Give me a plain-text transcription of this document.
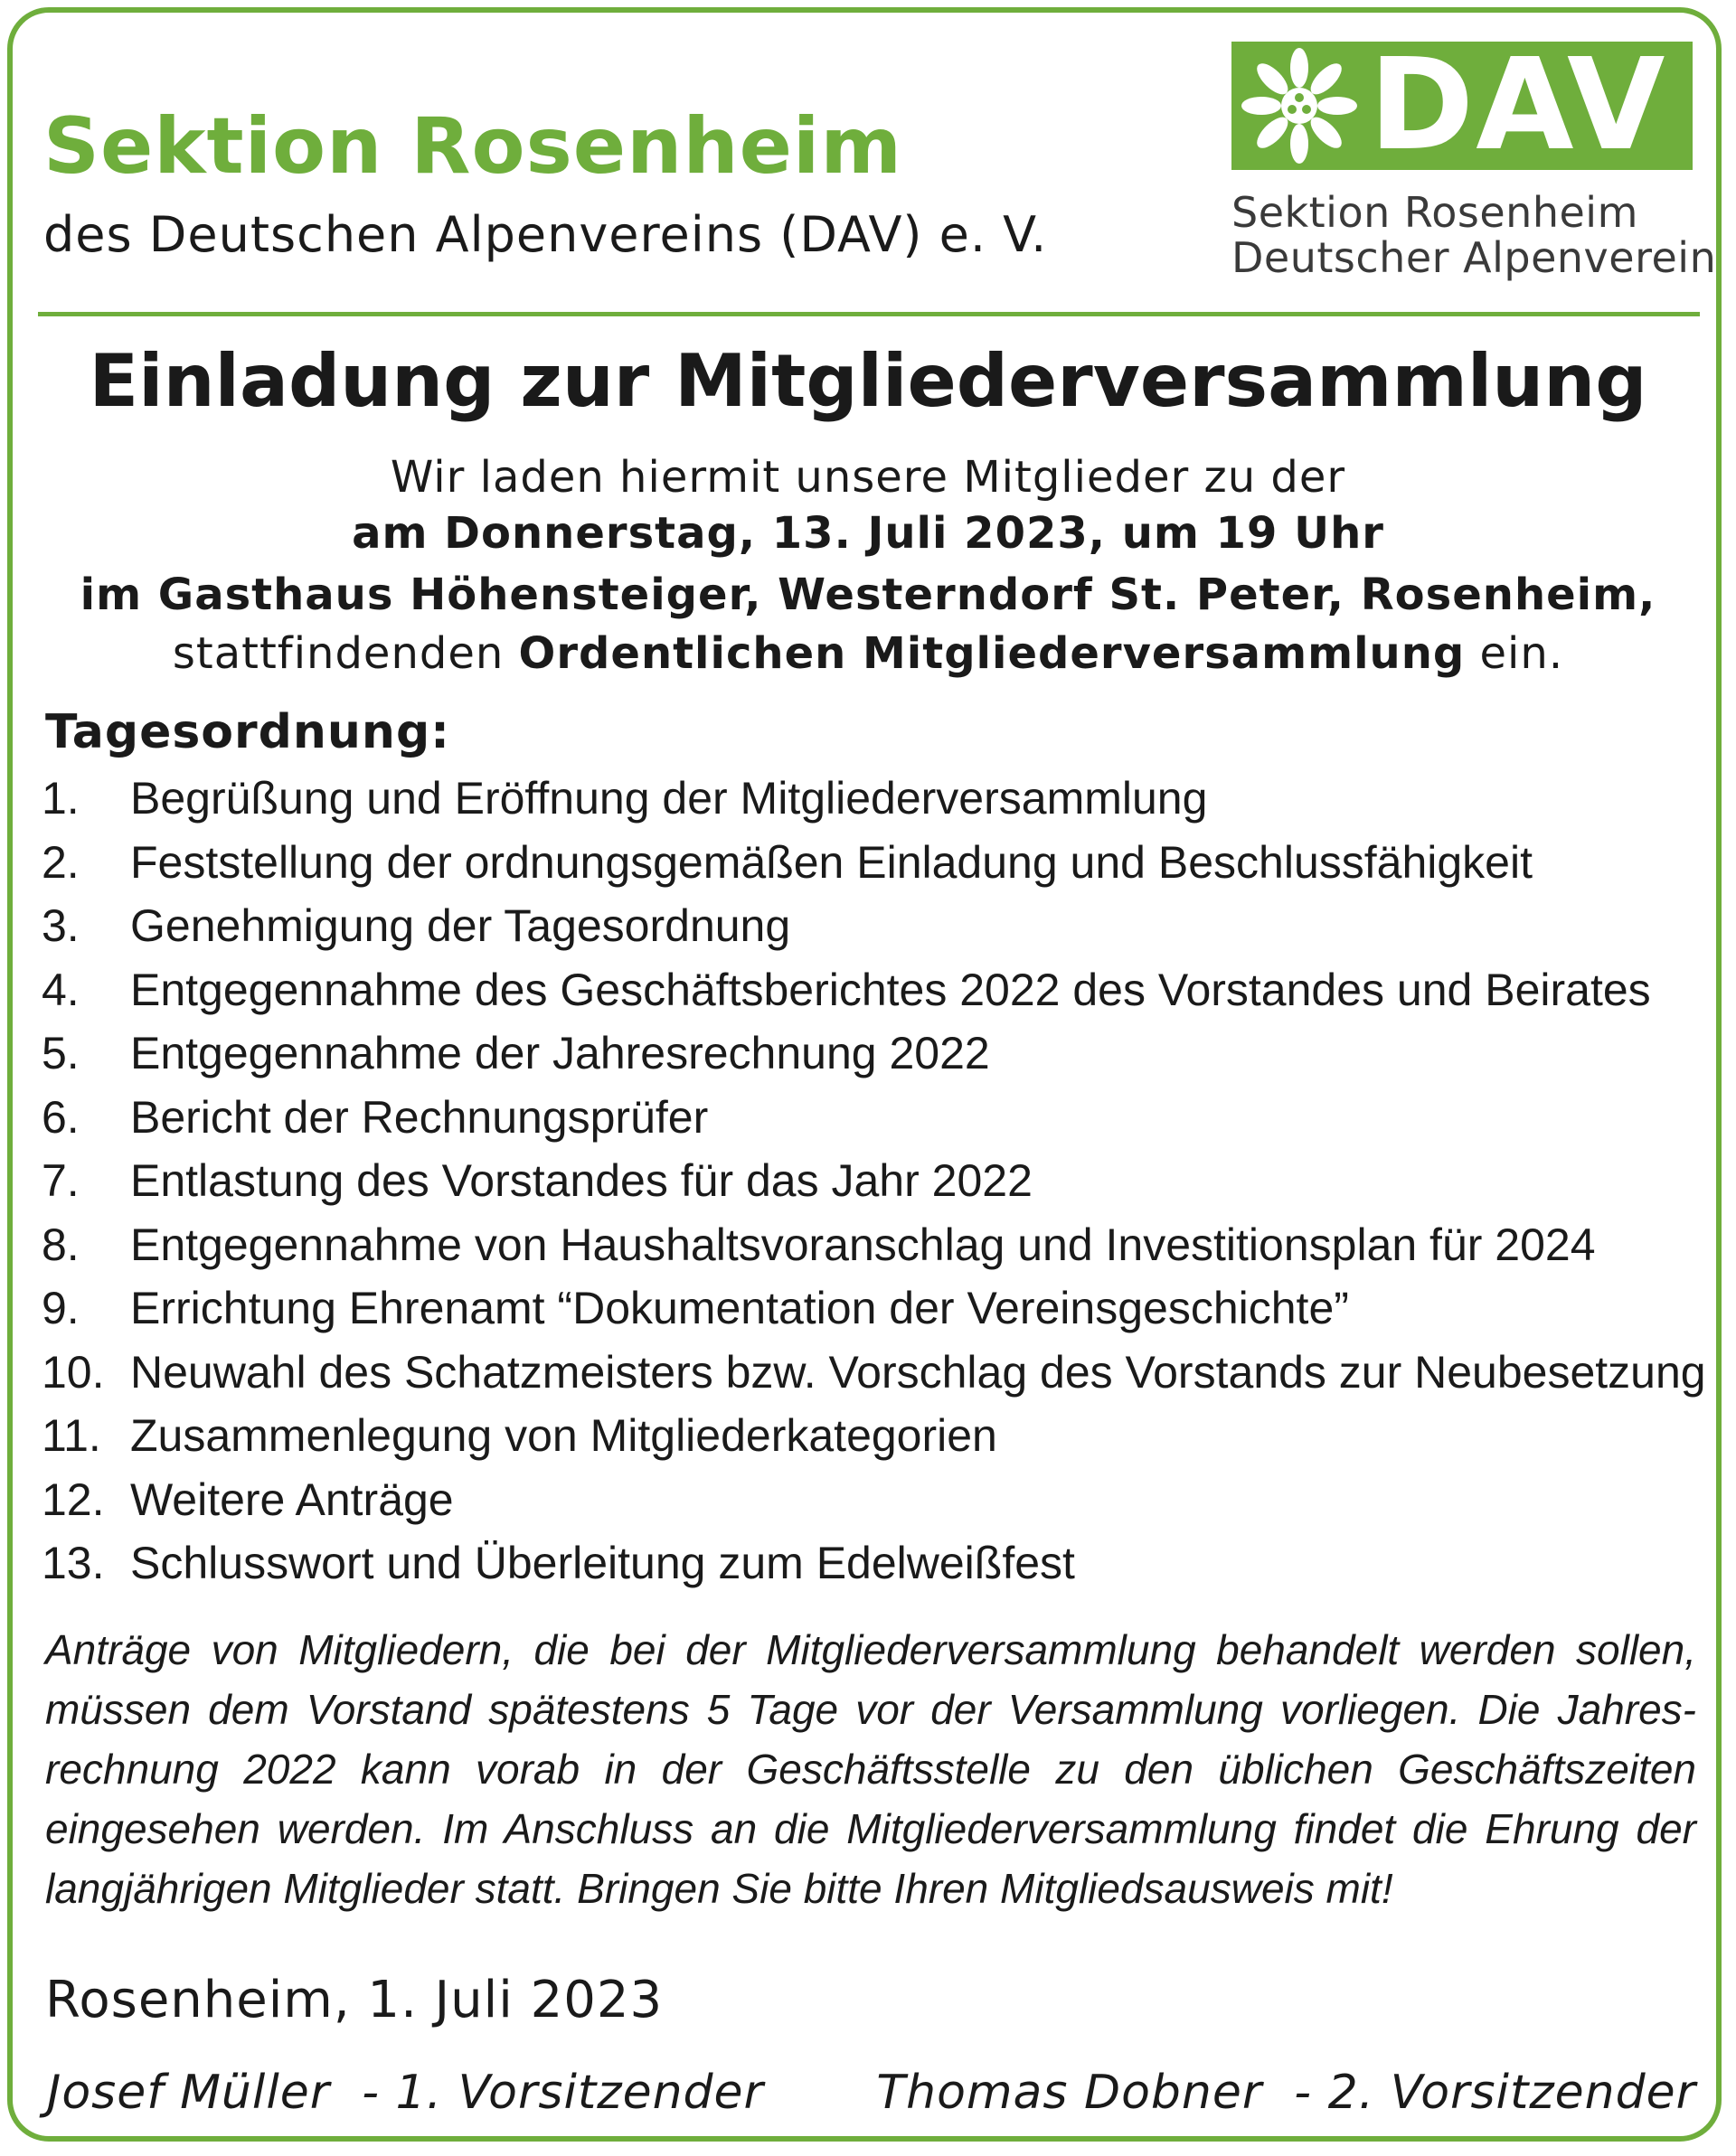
Sektion Rosenheim
des Deutschen Alpenvereins (DAV) e. V.
DAV
Sektion Rosenheim
Deutscher Alpenverein
Einladung zur Mitgliederversammlung
Wir laden hiermit unsere Mitglieder zu der
am Donnerstag, 13. Juli 2023, um 19 Uhr
im Gasthaus Höhensteiger, Westerndorf St. Peter, Rosenheim,
stattfindenden Ordentlichen Mitgliederversammlung ein.
Tagesordnung:
1.	Begrüßung und Eröffnung der Mitgliederversammlung
2.	Feststellung der ordnungsgemäßen Einladung und Beschlussfähigkeit
3.	Genehmigung der Tagesordnung
4.	Entgegennahme des Geschäftsberichtes 2022 des Vorstandes und Beirates
5.	Entgegennahme der Jahresrechnung 2022
6.	Bericht der Rechnungsprüfer
7.	Entlastung des Vorstandes für das Jahr 2022
8.	Entgegennahme von Haushaltsvoranschlag und Investitionsplan für 2024
9.	Errichtung Ehrenamt “Dokumentation der Vereinsgeschichte”
10. Neuwahl des Schatzmeisters bzw. Vorschlag des Vorstands zur Neubesetzung
11. Zusammenlegung von Mitgliederkategorien
12. Weitere Anträge
13. Schlusswort und Überleitung zum Edelweißfest
Anträge von Mitgliedern, die bei der Mitgliederversammlung behandelt werden sollen, müssen dem Vorstand spätestens 5 Tage vor der Versammlung vorliegen. Die Jahresrechnung 2022 kann vorab in der Geschäftsstelle zu den üblichen Geschäftszeiten eingesehen werden. Im Anschluss an die Mitgliederversammlung findet die Ehrung der langjährigen Mitglieder statt. Bringen Sie bitte Ihren Mitgliedsausweis mit!
Rosenheim, 1. Juli 2023
Josef Müller  - 1. Vorsitzender Thomas Dobner  - 2. Vorsitzender
